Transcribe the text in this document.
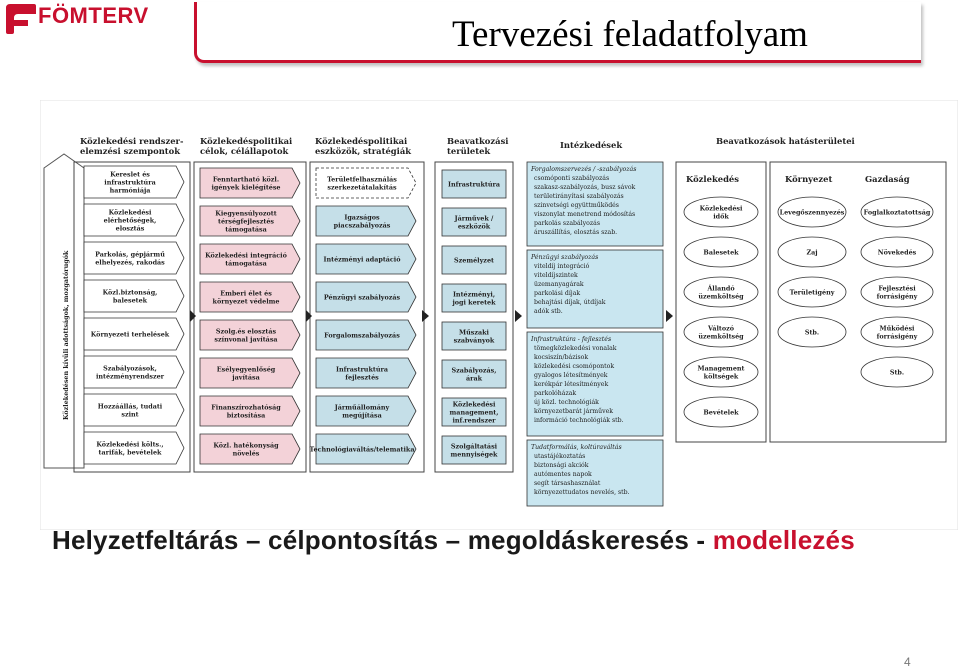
FÖMTERV	Tervezési feladatfolyam
Közlekedésen kívüli adottságok, mozgatórugók
Közlekedési rendszer-elemzési szempontok
Közlekedéspolitikai célok, célállapotok
Közlekedéspolitikai eszközök, stratégiák
Beavatkozási területek
Intézkedések	Beavatkozások hatásterületei
Kereslet és infrastruktúra harmóniája
Közlekedési elérhetőségek, elosztás
Parkolás, gépjármű elhelyezés, rakodás
Közl.biztonság, balesetek
Környezeti terhelések
Szabályozások, intézményrendszer
Hozzáállás, tudati szint
Közlekedési költs., tarifák, bevételek
Fenntartható közl. igények kielégítése
Kiegyensúlyozott térségfejlesztés támogatása
Közlekedési integráció támogatása
Emberi élet és környezet védelme
Szolg.és elosztás színvonal javítása
Esélyegyenlőség javítása
Finanszírozhatóság biztosítása
Közl. hatékonyság növelés
Területfelhasználás szerkezetátalakítás
Igazságos piacszabályozás
Intézményi adaptáció
Pénzügyi szabályozás
Forgalomszabályozás
Infrastruktúra fejlesztés
Járműállomány megújítása
Technológiaváltás/telematika
Infrastruktúra
Járművek / eszközök
Személyzet
Intézményi, jogi keretek
Műszaki szabványok
Szabályozás, árak
Közlekedési management, inf.rendszer
Szolgáltatási mennyiségek
Forgalomszervezés / -szabályozás
csomóponti szabályozás
szakasz-szabályozás, busz sávok
területirányítasi szabályozás
szinvetségi együttműködés
viszonylat menetrend módosítás
parkolás szabályozás
áruszállítás, elosztás szab.
Pénzügyi szabályozás
viteldíj integráció
viteldíjszintek
üzemanyagárak
parkolási díjak
behajtási díjak, útdíjak
adók stb.
Infrastruktúra - fejlesztés
tömegközlekedési vonalak
kocsiszín/bázisok
közlekedési csomópontok
gyalogos létesítmények
kerékpár létesítmények
parkolóházak
új közl. technológiák
környezetbarát járművek
információ technológiák stb.
Tudatformálás, koltúraváltás
utastájékoztatás
biztonsági akciók
autómentes napok
segít társashasználat
környezettudatos nevelés, stb.
Közlekedési idők
Balesetek
Állandó üzemköltség
Változó üzemköltség
Management költségek
Bevételek
Levegőszennyezés
Zaj
Területigény
Stb.
Foglalkoztatottság
Növekedés
Fejlesztési forrásigény
Működési forrásigény
Stb.
Közlekedés	Környezet	Gazdaság
Helyzetfeltárás – célpontosítás – megoldáskeresés - modellezés
4
